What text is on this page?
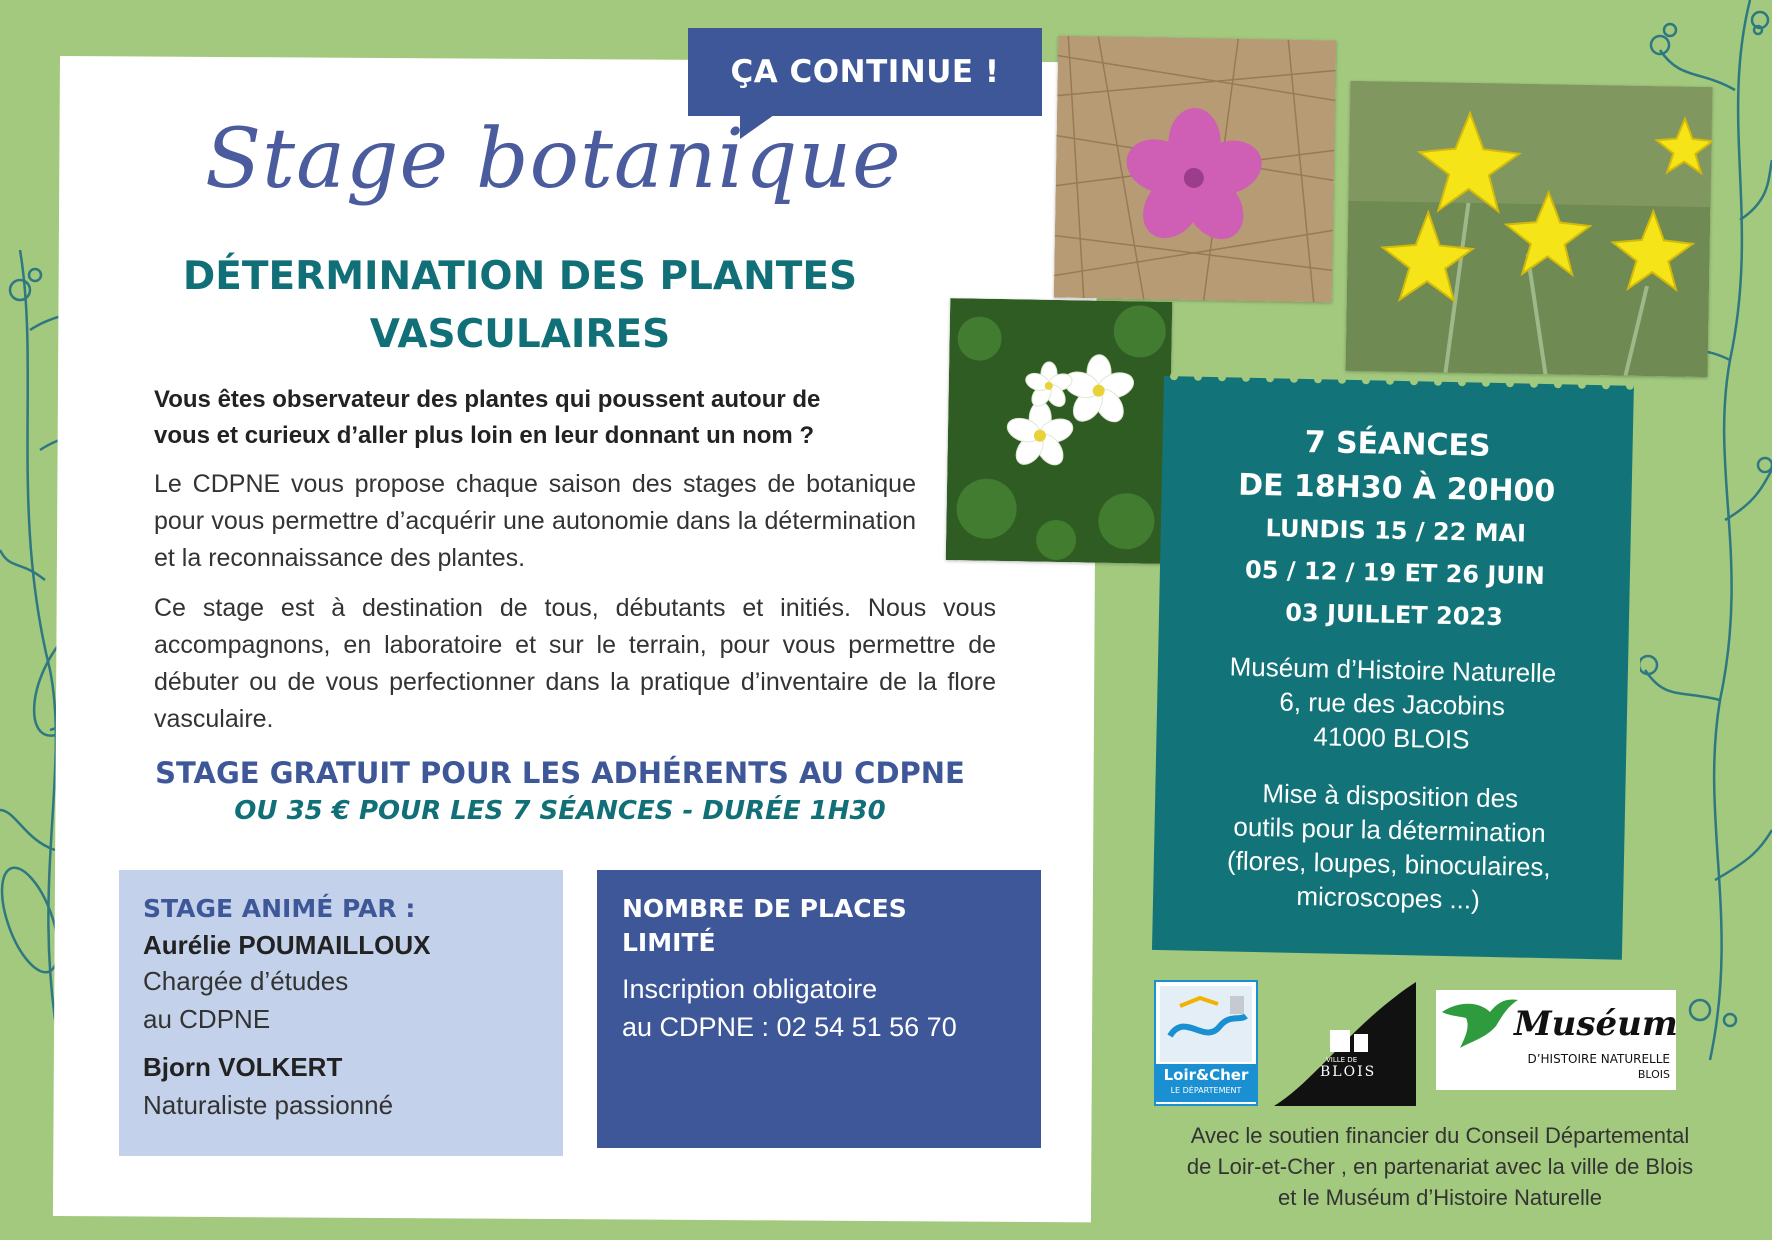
ÇA CONTINUE !
Stage botanique
DÉTERMINATION DES PLANTES
VASCULAIRES
Vous êtes observateur des plantes qui poussent autour de
vous et curieux d’aller plus loin en leur donnant un nom ?
Le CDPNE vous propose chaque saison des stages de botanique pour vous permettre d’acquérir une autonomie dans la détermination et la reconnaissance des plantes.
Ce stage est à destination de tous, débutants et initiés. Nous vous accompagnons, en laboratoire et sur le terrain, pour vous permettre de débuter ou de vous perfectionner dans la pratique d’inventaire de la flore vasculaire.
STAGE GRATUIT POUR LES ADHÉRENTS AU CDPNE
OU 35 € POUR LES 7 SÉANCES - DURÉE 1H30
STAGE ANIMÉ PAR :
Aurélie POUMAILLOUX
Chargée d’études
au CDPNE
Bjorn VOLKERT
Naturaliste passionné
NOMBRE DE PLACES
LIMITÉ
Inscription obligatoire
au CDPNE : 02 54 51 56 70
7 SÉANCES
DE 18H30 À 20H00
LUNDIS 15 / 22 MAI
05 / 12 / 19 ET 26 JUIN
03 JUILLET 2023
Muséum d’Histoire Naturelle
6, rue des Jacobins
41000 BLOIS
Mise à disposition des
outils pour la détermination
(flores, loupes, binoculaires,
microscopes ...)
Loir&Cher
LE DÉPARTEMENT
VILLE DE
BLOIS
Muséum
D’HISTOIRE NATURELLE
BLOIS
Avec le soutien financier du Conseil Départemental
de Loir-et-Cher , en partenariat avec la ville de Blois
et le Muséum d’Histoire Naturelle
